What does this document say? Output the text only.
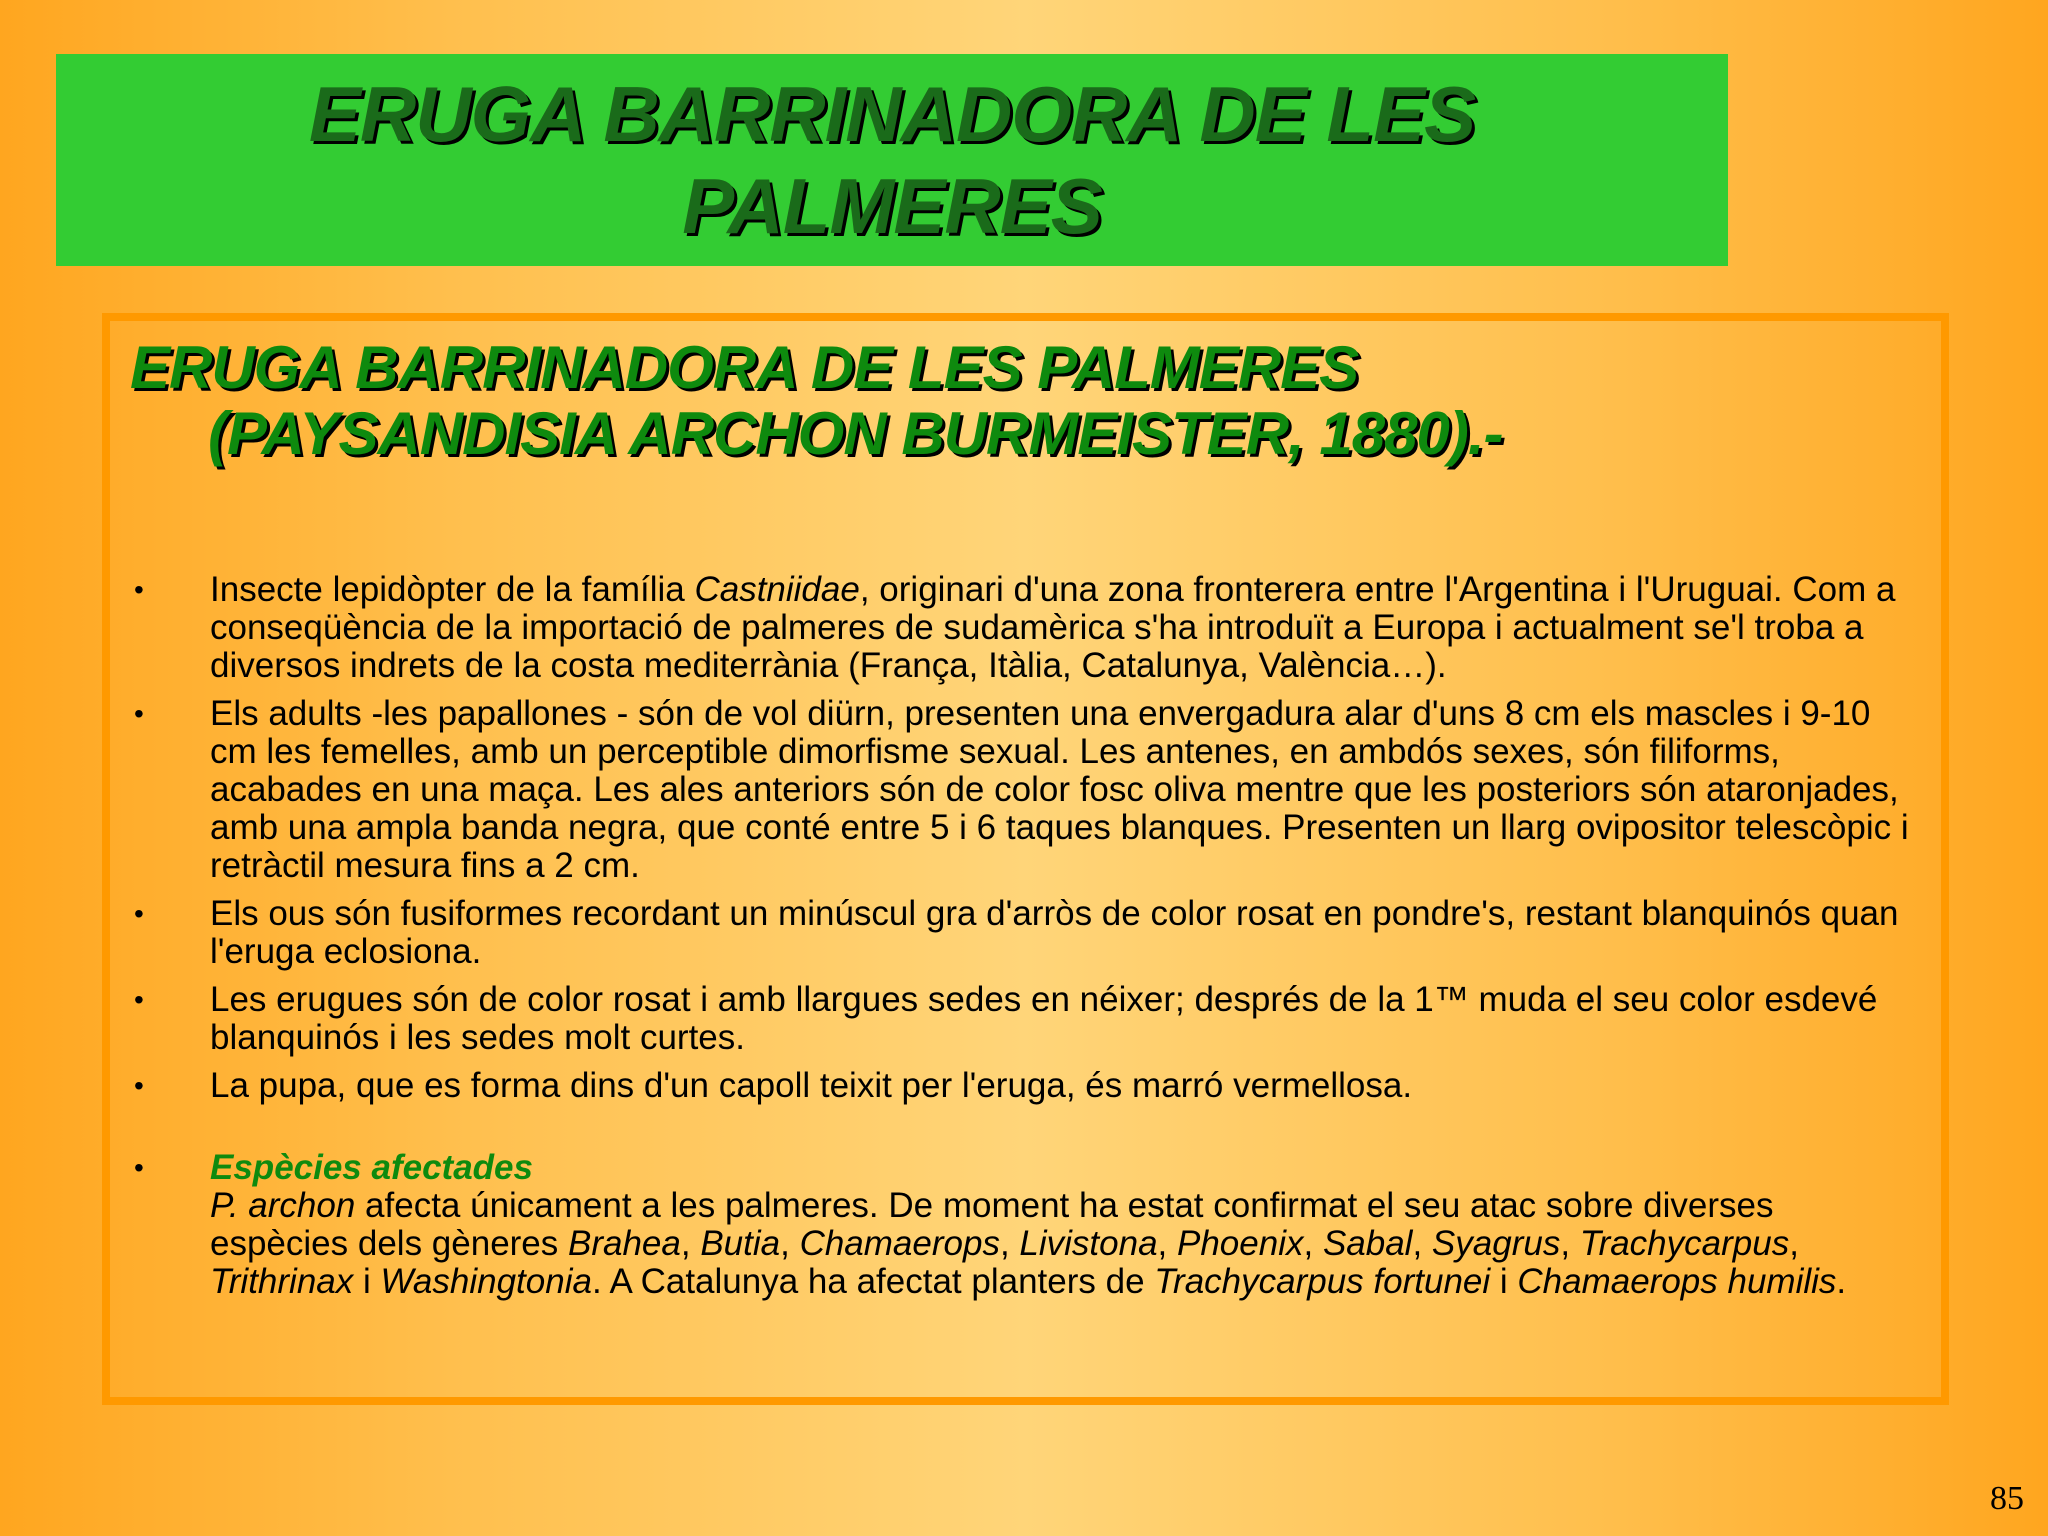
ERUGA BARRINADORA DE LES PALMERES
ERUGA BARRINADORA DE LES PALMERES
(PAYSANDISIA ARCHON BURMEISTER, 1880).-
• Insecte lepidòpter de la família Castniidae, originari d'una zona fronterera entre l'Argentina i l'Uruguai. Com a conseqüència de la importació de palmeres de sudamèrica s'ha introduït a Europa i actualment se'l troba a diversos indrets de la costa mediterrània (França, Itàlia, Catalunya, València…).
• Els adults -les papallones - són de vol diürn, presenten una envergadura alar d'uns 8 cm els mascles i 9-10 cm les femelles, amb un perceptible dimorfisme sexual. Les antenes, en ambdós sexes, són filiforms, acabades en una maça. Les ales anteriors són de color fosc oliva mentre que les posteriors són ataronjades, amb una ampla banda negra, que conté entre 5 i 6 taques blanques. Presenten un llarg ovipositor telescòpic i retràctil mesura fins a 2 cm.
• Els ous són fusiformes recordant un minúscul gra d'arròs de color rosat en pondre's, restant blanquinós quan l'eruga eclosiona.
• Les erugues són de color rosat i amb llargues sedes en néixer; després de la 1™ muda el seu color esdevé blanquinós i les sedes molt curtes.
• La pupa, que es forma dins d'un capoll teixit per l'eruga, és marró vermellosa.
• Espècies afectades
P. archon afecta únicament a les palmeres. De moment ha estat confirmat el seu atac sobre diverses espècies dels gèneres Brahea, Butia, Chamaerops, Livistona, Phoenix, Sabal, Syagrus, Trachycarpus, Trithrinax i Washingtonia. A Catalunya ha afectat planters de Trachycarpus fortunei i Chamaerops humilis.
85
